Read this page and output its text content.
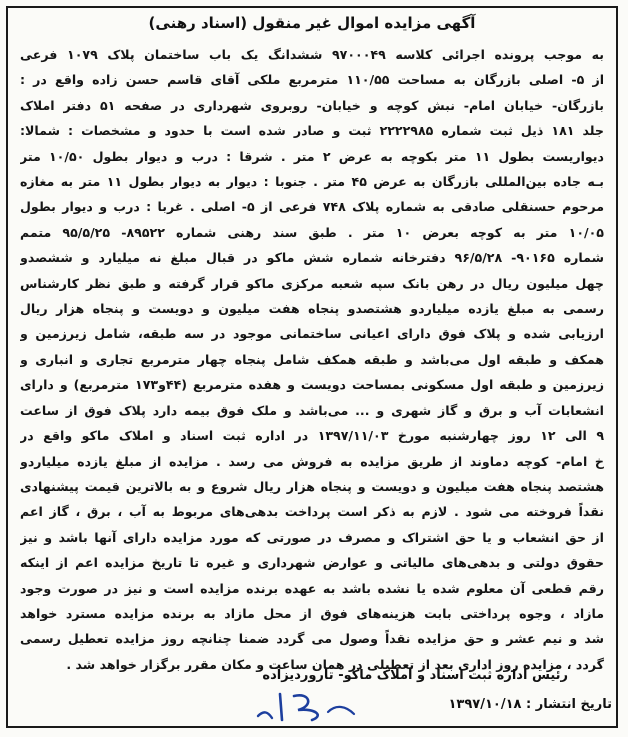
آگهی مزایده اموال غیر منقول (اسناد رهنی)
به موجب پرونده اجرائی کلاسه ۹۷۰۰۰۴۹ ششدانگ یک باب ساختمان پلاک ۱۰۷۹ فرعی
از ۵- اصلی بازرگان به مساحت ۱۱۰/۵۵ مترمربع ملکی آقای قاسم حسن زاده واقع در :
بازرگان- خیابان امام- نبش کوچه و خیابان- روبروی شهرداری در صفحه ۵۱ دفتر املاک
جلد ۱۸۱ ذیل ثبت شماره ۲۲۲۲۹۸۵ ثبت و صادر شده است با حدود و مشخصات : شمالا:
دیواریست بطول ۱۱ متر بکوچه به عرض ۲ متر . شرقا : درب و دیوار بطول ۱۰/۵۰ متر
بـه جاده بین‌المللی بازرگان به عرض ۴۵ متر . جنوبا : دیوار به دیوار بطول ۱۱ متر به مغازه
مرحوم حسنقلی صادقی به شماره پلاک ۷۴۸ فرعی از ۵- اصلی . غربا : درب و دیوار بطول
۱۰/۰۵ متر به کوچه بعرض ۱۰ متر . طبق سند رهنی شماره ۸۹۵۲۲- ۹۵/۵/۲۵ متمم
شماره ۹۰۱۶۵- ۹۶/۵/۲۸ دفترخانه شماره شش ماکو در قبال مبلغ نه میلیارد و ششصدو
چهل میلیون ریال در رهن بانک سپه شعبه مرکزی ماکو قرار گرفته و طبق نظر کارشناس
رسمی به مبلغ یازده میلیاردو هشتصدو پنجاه هفت میلیون و دویست و پنجاه هزار ریال
ارزیابی شده و پلاک فوق دارای اعیانی ساختمانی موجود در سه طبقه، شامل زیرزمین و
همکف و طبقه اول می‌باشد و طبقه همکف شامل پنجاه چهار مترمربع تجاری و انباری و
زیرزمین و طبقه اول مسکونی بمساحت دویست و هفده مترمربع (۴۴و۱۷۳ مترمربع) و دارای
انشعابات آب و برق و گاز شهری و ... می‌باشد و ملک فوق بیمه دارد پلاک فوق از ساعت
۹ الی ۱۲ روز چهارشنبه مورخ ۱۳۹۷/۱۱/۰۳ در اداره ثبت اسناد و املاک ماکو واقع در
خ امام- کوچه دماوند از طریق مزایده به فروش می رسد . مزایده از مبلغ یازده میلیاردو
هشتصد پنجاه هفت میلیون و دویست و پنجاه هزار ریال شروع و به بالاترین قیمت پیشنهادی
نقداً فروخته می شود . لازم به ذکر است پرداخت بدهی‌های مربوط به آب ، برق ، گاز اعم
از حق انشعاب و یا حق اشتراک و مصرف در صورتی که مورد مزایده دارای آنها باشد و نیز
حقوق دولتی و بدهی‌های مالیاتی و عوارض شهرداری و غیره تا تاریخ مزایده اعم از اینکه
رقم قطعی آن معلوم شده یا نشده باشد به عهده برنده مزایده است و نیز در صورت وجود
مازاد ، وجوه پرداختی بابت هزینه‌های فوق از محل مازاد به برنده مزایده مسترد خواهد
شد و نیم عشر و حق مزایده نقداً وصول می گردد ضمنا چنانچه روز مزایده تعطیل رسمی
گردد ، مزایده روز اداری بعد از تعطیلی در همان ساعت و مکان مقرر برگزار خواهد شد .
رئیس اداره ثبت اسناد و املاک ماکو- تاروردیزاده
تاریخ انتشار : ۱۳۹۷/۱۰/۱۸
